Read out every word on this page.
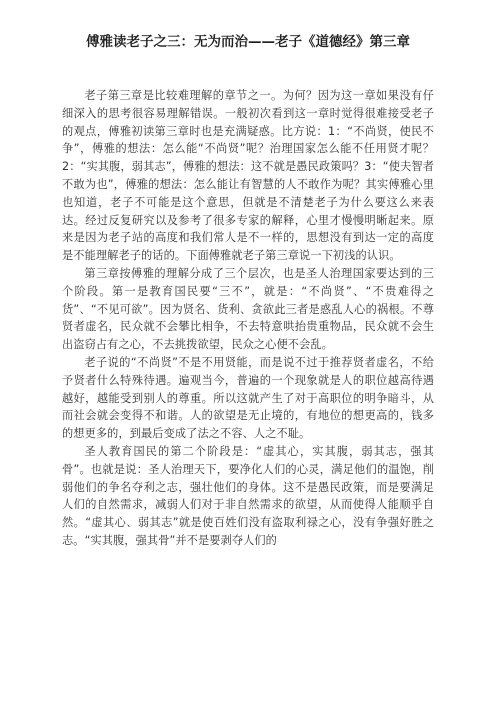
傅雅读老子之三：无为而治——老子《道德经》第三章

老子第三章是比较难理解的章节之一。为何？因为这一章如果没有仔细深入的思考很容易理解错误。一般初次看到这一章时觉得很难接受老子的观点，傅雅初读第三章时也是充满疑惑。比方说：1：“不尚贤，使民不争”，傅雅的想法：怎么能“不尚贤”呢？治理国家怎么能不任用贤才呢？2：“实其腹，弱其志”，傅雅的想法：这不就是愚民政策吗？3：“使夫智者不敢为也”，傅雅的想法：怎么能让有智慧的人不敢作为呢？其实傅雅心里也知道，老子不可能是这个意思，但就是不清楚老子为什么要这么来表达。经过反复研究以及参考了很多专家的解释，心里才慢慢明晰起来。原来是因为老子站的高度和我们常人是不一样的，思想没有到达一定的高度是不能理解老子的话的。下面傅雅就老子第三章说一下初浅的认识。

第三章按傅雅的理解分成了三个层次，也是圣人治理国家要达到的三个阶段。第一是教育国民要“三不”，就是：“不尚贤”、“不贵难得之货”、“不见可欲”。因为贤名、货利、贪欲此三者是惑乱人心的祸根。不尊贤者虚名，民众就不会攀比相争，不去特意哄抬贵重物品，民众就不会生出盗窃占有之心，不去挑拨欲望，民众之心便不会乱。

老子说的“不尚贤”不是不用贤能，而是说不过于推荐贤者虚名，不给予贤者什么特殊待遇。遍观当今，普遍的一个现象就是人的职位越高待遇越好，越能受到别人的尊重。所以这就产生了对于高职位的明争暗斗，从而社会就会变得不和谐。人的欲望是无止境的，有地位的想更高的，钱多的想更多的，到最后变成了法之不容、人之不耻。

圣人教育国民的第二个阶段是：“虚其心，实其腹，弱其志，强其骨”。也就是说：圣人治理天下，要净化人们的心灵，满足他们的温饱，削弱他们的争名夺利之志，强壮他们的身体。这不是愚民政策，而是要满足人们的自然需求，减弱人们对于非自然需求的欲望，从而使得人能顺乎自然。“虚其心、弱其志”就是使百姓们没有盗取利禄之心，没有争强好胜之志。“实其腹，强其骨”并不是要剥夺人们的
